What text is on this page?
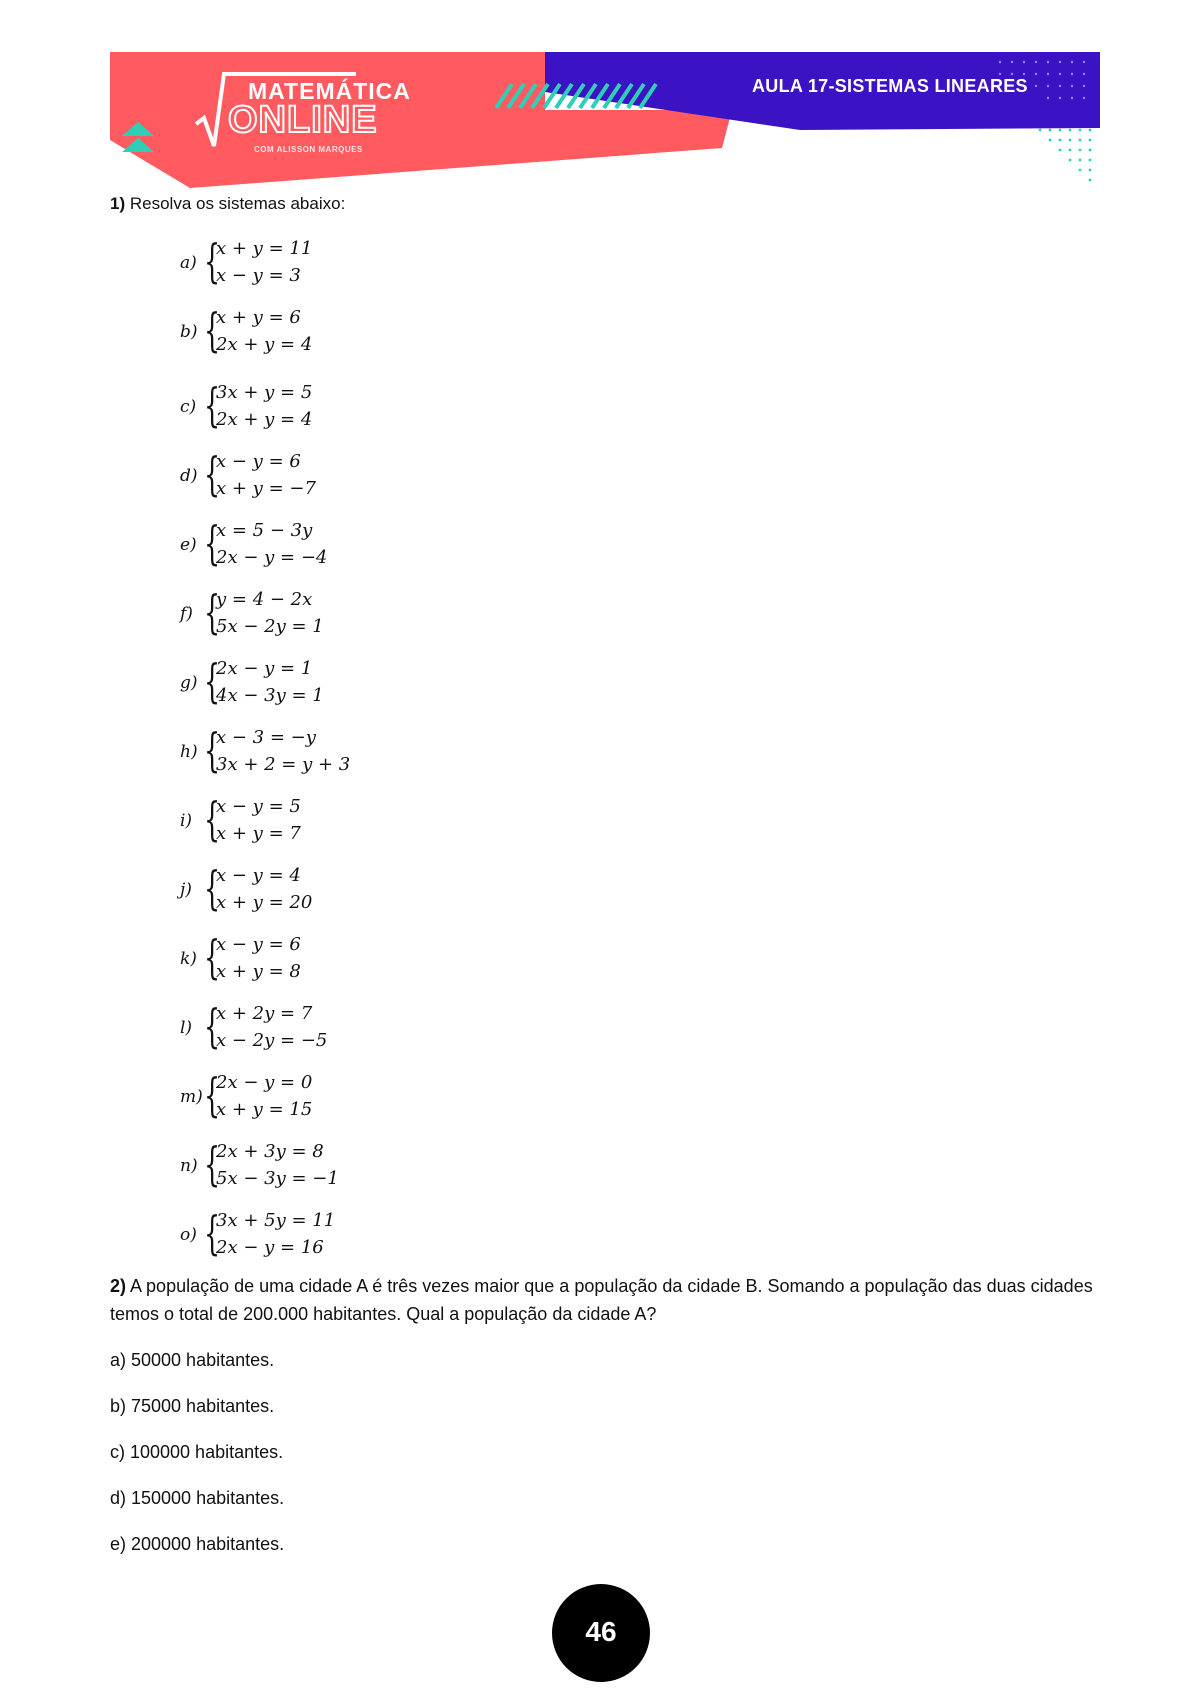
MATEMÁTICA
ONLINE
COM ALISSON MARQUES
AULA 17-SISTEMAS LINEARES
1) Resolva os sistemas abaixo:
a) {
x + y = 11
x − y = 3
b) {
x + y = 6
2x + y = 4
c) {
3x + y = 5
2x + y = 4
d) {
x − y = 6
x + y = −7
e) {
x = 5 − 3y
2x − y = −4
f) {
y = 4 − 2x
5x − 2y = 1
g) {
2x − y = 1
4x − 3y = 1
h) {
x − 3 = −y
3x + 2 = y + 3
i) {
x − y = 5
x + y = 7
j) {
x − y = 4
x + y = 20
k) {
x − y = 6
x + y = 8
l) {
x + 2y = 7
x − 2y = −5
m) {
2x − y = 0
x + y = 15
n) {
2x + 3y = 8
5x − 3y = −1
o) {
3x + 5y = 11
2x − y = 16
2) A população de uma cidade A é três vezes maior que a população da cidade B. Somando a população das duas cidades temos o total de 200.000 habitantes. Qual a população da cidade A?
a) 50000 habitantes.
b) 75000 habitantes.
c) 100000 habitantes.
d) 150000 habitantes.
e) 200000 habitantes.
46
